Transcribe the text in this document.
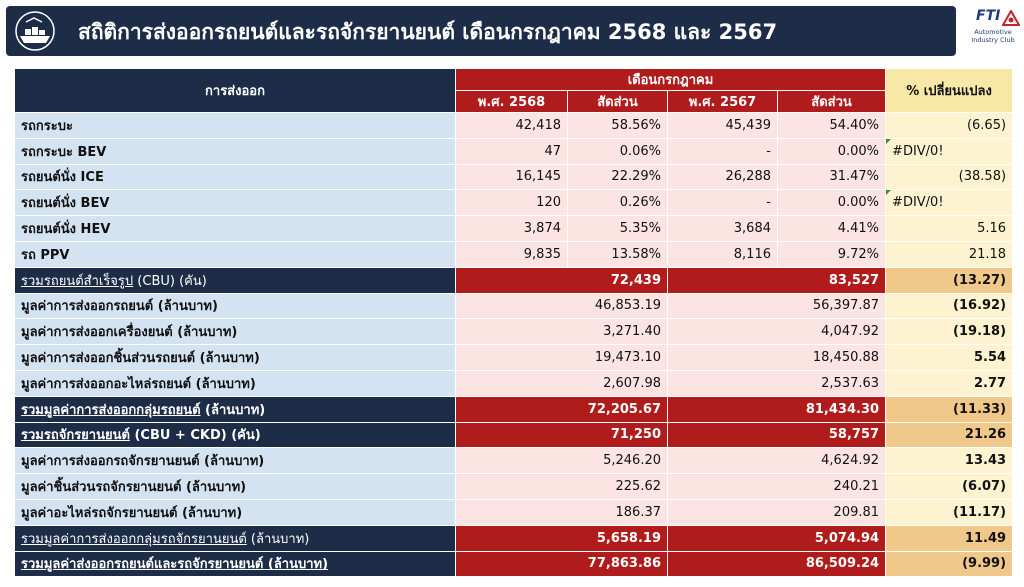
สถิติการส่งออกรถยนต์และรถจักรยานยนต์ เดือนกรกฎาคม 2568 และ 2567
FTI
Automotive
Industry Club
การส่งออก	เดือนกรกฎาคม				% เปลี่ยนแปลง
	พ.ศ. 2568	สัดส่วน	พ.ศ. 2567	สัดส่วน	
รถกระบะ	42,418	58.56%	45,439	54.40%	(6.65)
รถกระบะ BEV	47	0.06%	-	0.00%	#DIV/0!
รถยนต์นั่ง ICE	16,145	22.29%	26,288	31.47%	(38.58)
รถยนต์นั่ง BEV	120	0.26%	-	0.00%	#DIV/0!
รถยนต์นั่ง HEV	3,874	5.35%	3,684	4.41%	5.16
รถ PPV	9,835	13.58%	8,116	9.72%	21.18
รวมรถยนต์สำเร็จรูป (CBU) (คัน)	72,439		83,527		(13.27)
มูลค่าการส่งออกรถยนต์ (ล้านบาท)	46,853.19		56,397.87		(16.92)
มูลค่าการส่งออกเครื่องยนต์ (ล้านบาท)	3,271.40		4,047.92		(19.18)
มูลค่าการส่งออกชิ้นส่วนรถยนต์ (ล้านบาท)	19,473.10		18,450.88		5.54
มูลค่าการส่งออกอะไหล่รถยนต์ (ล้านบาท)	2,607.98		2,537.63		2.77
รวมมูลค่าการส่งออกกลุ่มรถยนต์ (ล้านบาท)	72,205.67		81,434.30		(11.33)
รวมรถจักรยานยนต์ (CBU + CKD) (คัน)	71,250		58,757		21.26
มูลค่าการส่งออกรถจักรยานยนต์ (ล้านบาท)	5,246.20		4,624.92		13.43
มูลค่าชิ้นส่วนรถจักรยานยนต์ (ล้านบาท)	225.62		240.21		(6.07)
มูลค่าอะไหล่รถจักรยานยนต์ (ล้านบาท)	186.37		209.81		(11.17)
รวมมูลค่าการส่งออกกลุ่มรถจักรยานยนต์ (ล้านบาท)	5,658.19		5,074.94		11.49
รวมมูลค่าส่งออกรถยนต์และรถจักรยานยนต์ (ล้านบาท)	77,863.86		86,509.24		(9.99)
